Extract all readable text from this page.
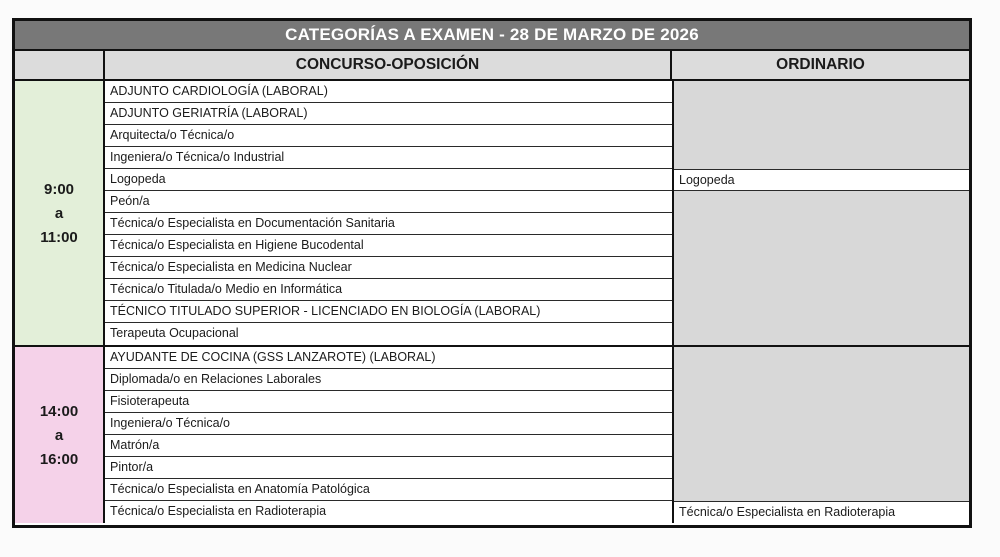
CATEGORÍAS A EXAMEN - 28 DE MARZO DE 2026
CONCURSO-OPOSICIÓN	ORDINARIO
9:00
a
11:00
ADJUNTO CARDIOLOGÍA (LABORAL)
ADJUNTO GERIATRÍA (LABORAL)
Arquitecta/o Técnica/o
Ingeniera/o Técnica/o Industrial
Logopeda
Peón/a
Técnica/o Especialista en Documentación Sanitaria
Técnica/o Especialista en Higiene Bucodental
Técnica/o Especialista en Medicina Nuclear
Técnica/o Titulada/o Medio en Informática
TÉCNICO TITULADO SUPERIOR - LICENCIADO EN BIOLOGÍA (LABORAL)
Terapeuta Ocupacional
Logopeda
14:00
a
16:00
AYUDANTE DE COCINA (GSS LANZAROTE) (LABORAL)
Diplomada/o en Relaciones Laborales
Fisioterapeuta
Ingeniera/o Técnica/o
Matrón/a
Pintor/a
Técnica/o Especialista en Anatomía Patológica
Técnica/o Especialista en Radioterapia	Técnica/o Especialista en Radioterapia
